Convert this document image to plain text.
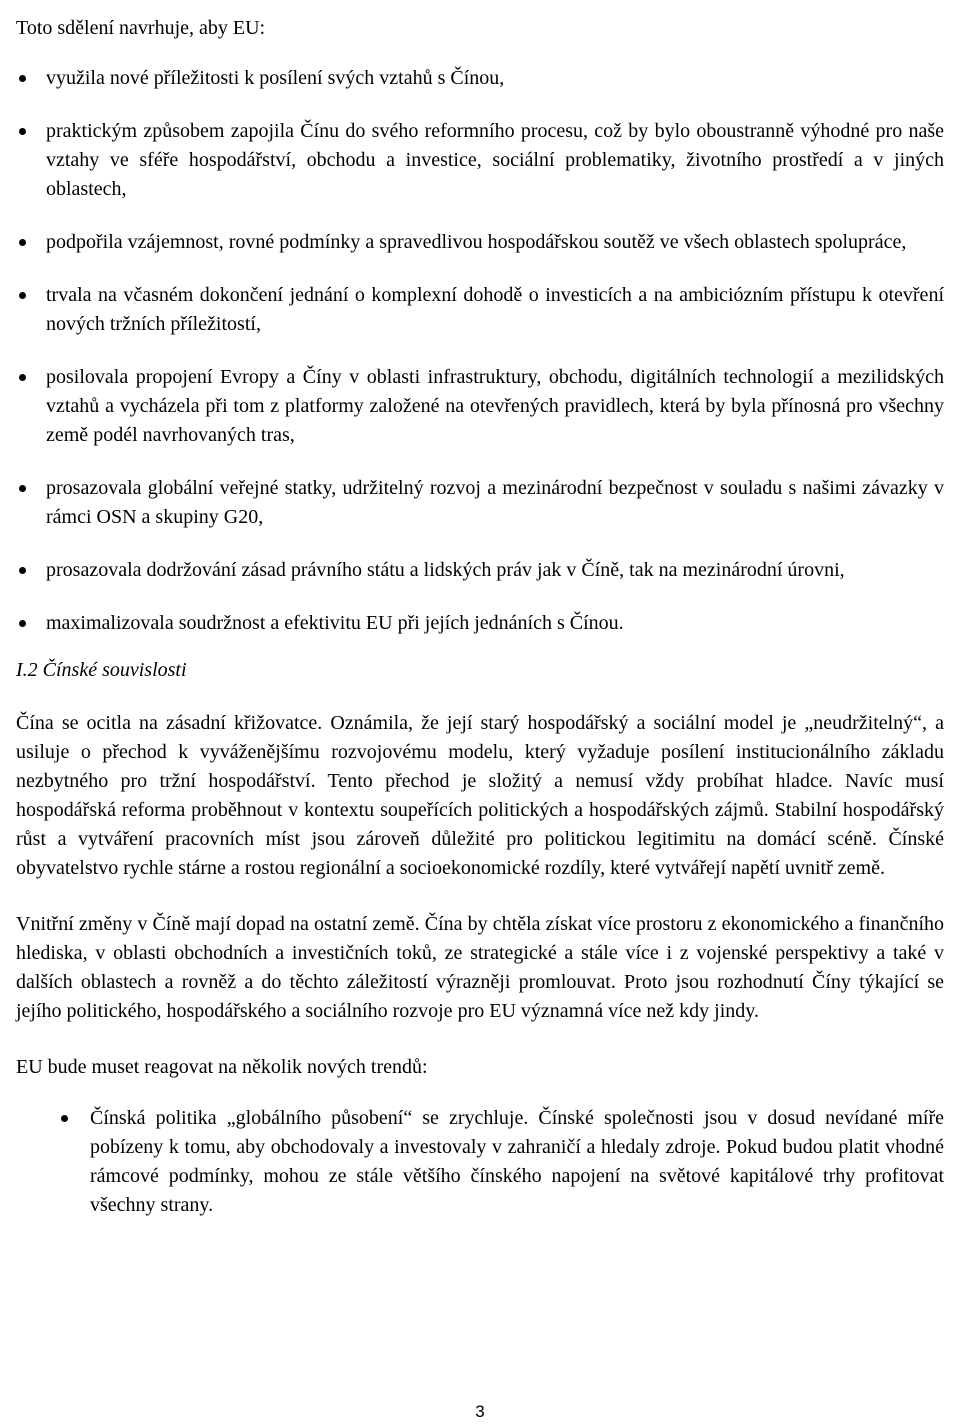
Toto sdělení navrhuje, aby EU:

využila nové příležitosti k posílení svých vztahů s Čínou,
praktickým způsobem zapojila Čínu do svého reformního procesu, což by bylo oboustranně výhodné pro naše vztahy ve sféře hospodářství, obchodu a investice, sociální problematiky, životního prostředí a v jiných oblastech,
podpořila vzájemnost, rovné podmínky a spravedlivou hospodářskou soutěž ve všech oblastech spolupráce,
trvala na včasném dokončení jednání o komplexní dohodě o investicích a na ambiciózním přístupu k otevření nových tržních příležitostí,
posilovala propojení Evropy a Číny v oblasti infrastruktury, obchodu, digitálních technologií a mezilidských vztahů a vycházela při tom z platformy založené na otevřených pravidlech, která by byla přínosná pro všechny země podél navrhovaných tras,
prosazovala globální veřejné statky, udržitelný rozvoj a mezinárodní bezpečnost v souladu s našimi závazky v rámci OSN a skupiny G20,
prosazovala dodržování zásad právního státu a lidských práv jak v Číně, tak na mezinárodní úrovni,
maximalizovala soudržnost a efektivitu EU při jejích jednáních s Čínou.

I.2 Čínské souvislosti

Čína se ocitla na zásadní křižovatce. Oznámila, že její starý hospodářský a sociální model je „neudržitelný“, a usiluje o přechod k vyváženějšímu rozvojovému modelu, který vyžaduje posílení institucionálního základu nezbytného pro tržní hospodářství. Tento přechod je složitý a nemusí vždy probíhat hladce. Navíc musí hospodářská reforma proběhnout v kontextu soupeřících politických a hospodářských zájmů. Stabilní hospodářský růst a vytváření pracovních míst jsou zároveň důležité pro politickou legitimitu na domácí scéně. Čínské obyvatelstvo rychle stárne a rostou regionální a socioekonomické rozdíly, které vytvářejí napětí uvnitř země.

Vnitřní změny v Číně mají dopad na ostatní země. Čína by chtěla získat více prostoru z ekonomického a finančního hlediska, v oblasti obchodních a investičních toků, ze strategické a stále více i z vojenské perspektivy a také v dalších oblastech a rovněž a do těchto záležitostí výrazněji promlouvat. Proto jsou rozhodnutí Číny týkající se jejího politického, hospodářského a sociálního rozvoje pro EU významná více než kdy jindy.

EU bude muset reagovat na několik nových trendů:

Čínská politika „globálního působení“ se zrychluje. Čínské společnosti jsou v dosud nevídané míře pobízeny k tomu, aby obchodovaly a investovaly v zahraničí a hledaly zdroje. Pokud budou platit vhodné rámcové podmínky, mohou ze stále většího čínského napojení na světové kapitálové trhy profitovat všechny strany.
3
